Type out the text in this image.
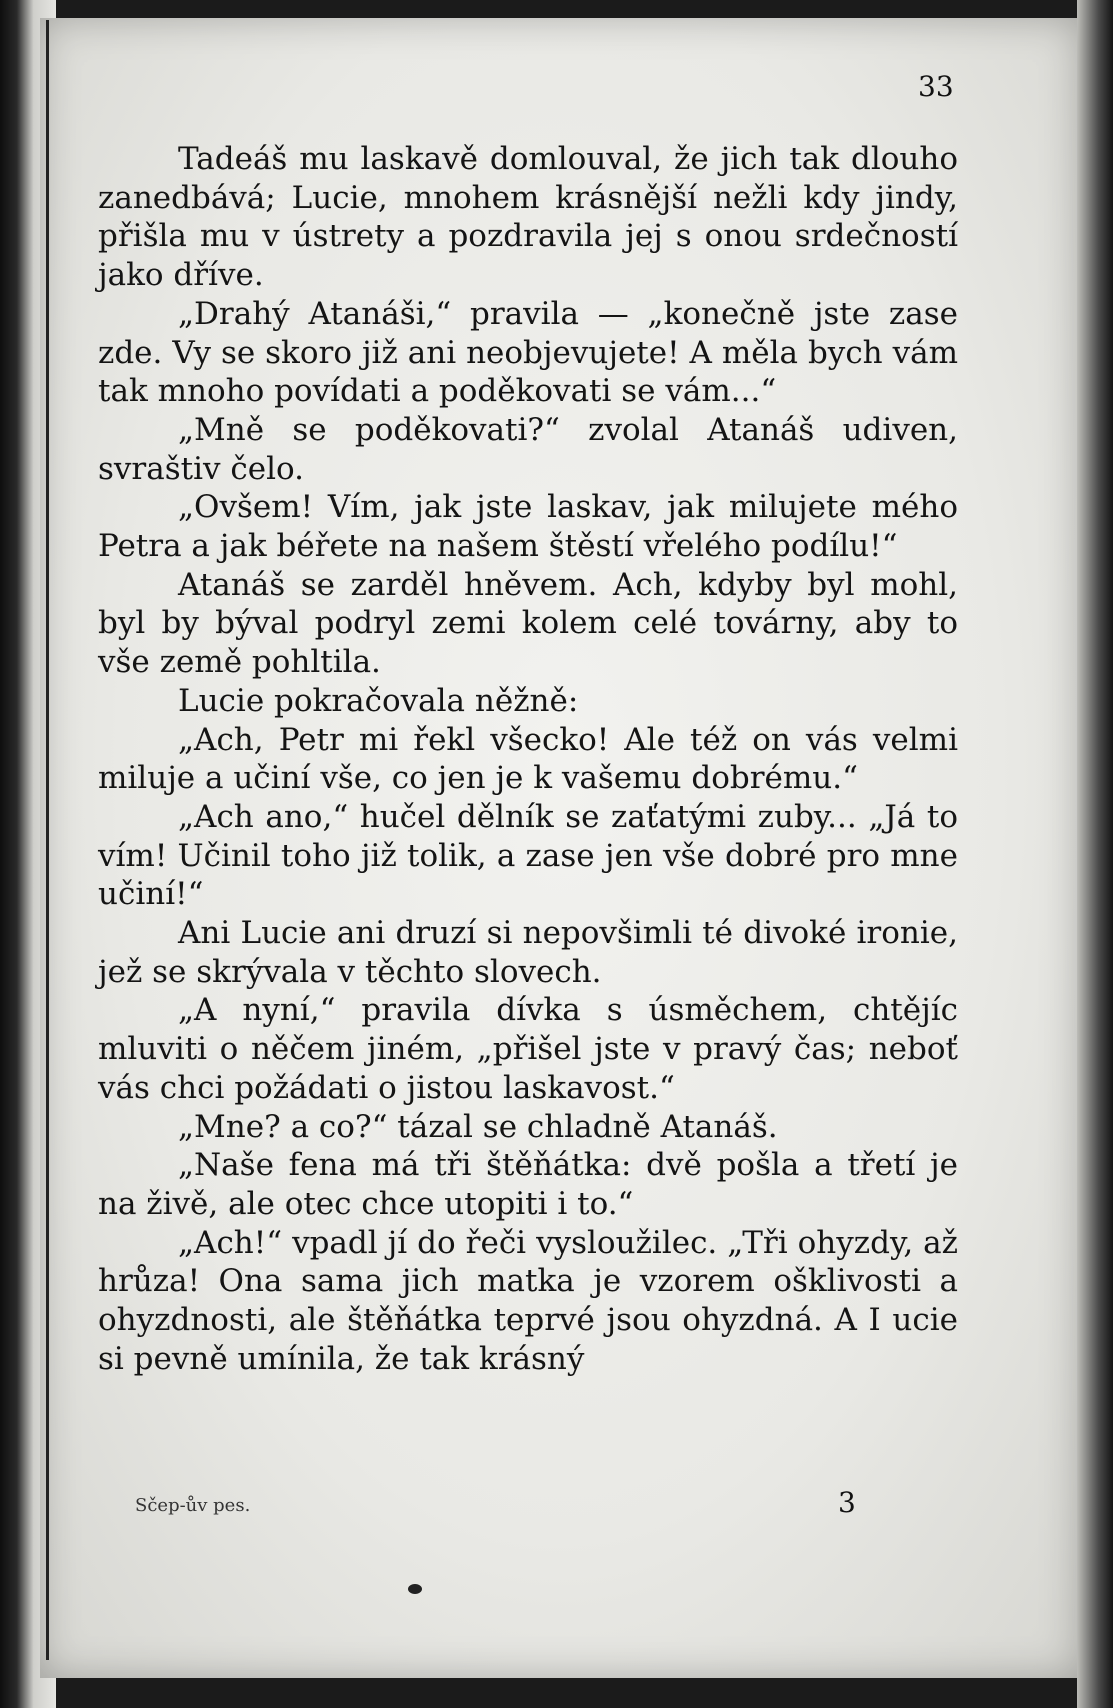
33

Tadeáš mu laskavě domlouval, že jich tak dlouho zanedbává; Lucie, mnohem krásnější nežli kdy jindy, přišla mu v ústrety a pozdravila jej s onou srdečností jako dříve.

„Drahý Atanáši,“ pravila — „konečně jste zase zde. Vy se skoro již ani neobjevujete! A měla bych vám tak mnoho povídati a poděkovati se vám...“

„Mně se poděkovati?“ zvolal Atanáš udiven, svraštiv čelo.

„Ovšem! Vím, jak jste laskav, jak milujete mého Petra a jak béřete na našem štěstí vřelého podílu!“

Atanáš se zarděl hněvem. Ach, kdyby byl mohl, byl by býval podryl zemi kolem celé továrny, aby to vše země pohltila.

Lucie pokračovala něžně:

„Ach, Petr mi řekl všecko! Ale též on vás velmi miluje a učiní vše, co jen je k vašemu dobrému.“

„Ach ano,“ hučel dělník se zaťatými zuby... „Já to vím! Učinil toho již tolik, a zase jen vše dobré pro mne učiní!“

Ani Lucie ani druzí si nepovšimli té divoké ironie, jež se skrývala v těchto slovech.

„A nyní,“ pravila dívka s úsměchem, chtějíc mluviti o něčem jiném, „přišel jste v pravý čas; neboť vás chci požádati o jistou laskavost.“

„Mne? a co?“ tázal se chladně Atanáš.

„Naše fena má tři štěňátka: dvě pošla a třetí je na živě, ale otec chce utopiti i to.“

„Ach!“ vpadl jí do řeči vysloužilec. „Tři ohyzdy, až hrůza! Ona sama jich matka je vzorem ošklivosti a ohyzdnosti, ale štěňátka teprvé jsou ohyzdná. A I ucie si pevně umínila, že tak krásný

Sčep-ův pes.	3
